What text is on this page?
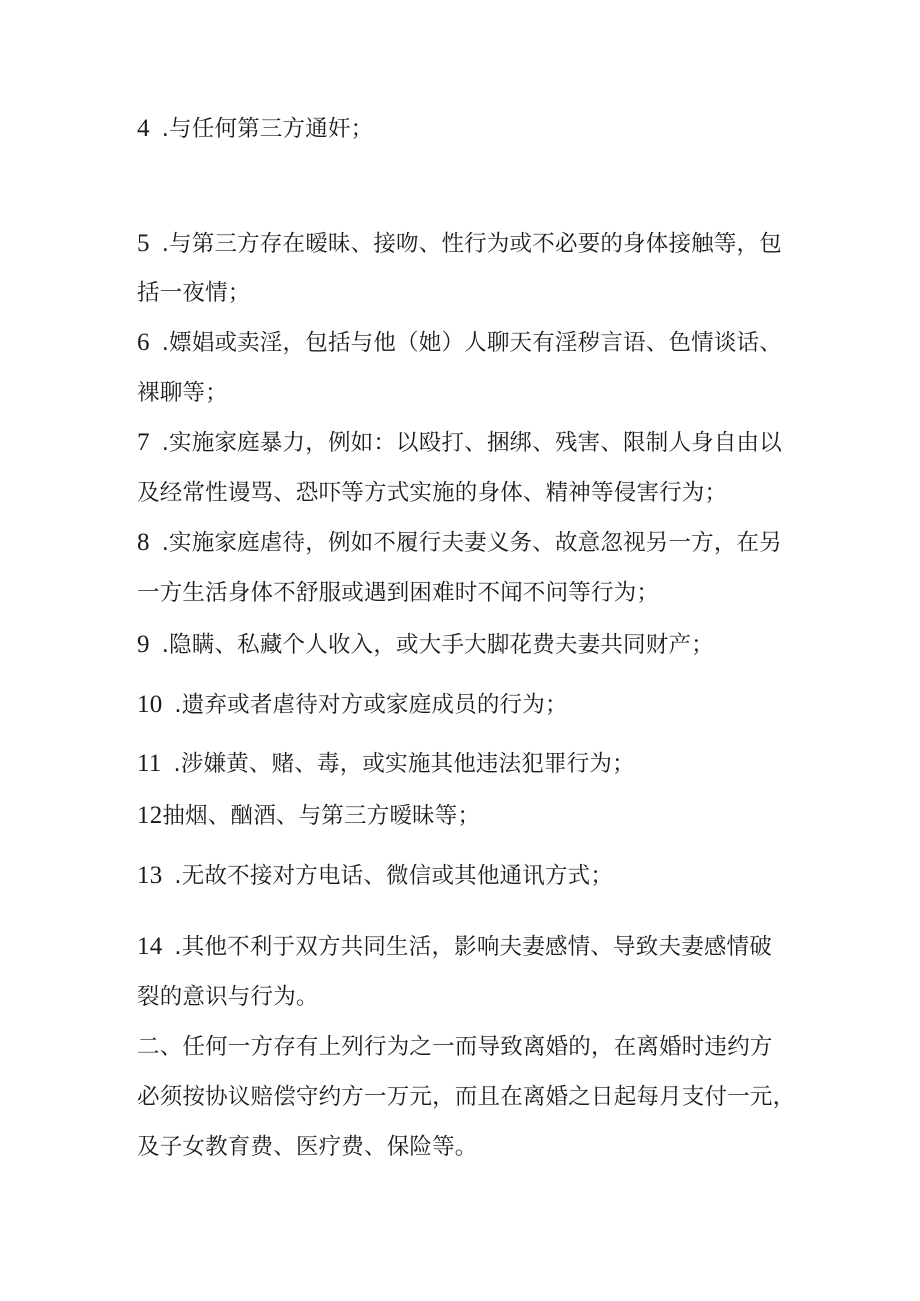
4 .与任何第三方通奸；
5 .与第三方存在暧昧、接吻、性行为或不必要的身体接触等，包
括一夜情；
6 .嫖娼或卖淫，包括与他（她）人聊天有淫秽言语、色情谈话、
裸聊等；
7 .实施家庭暴力，例如：以殴打、捆绑、残害、限制人身自由以
及经常性谩骂、恐吓等方式实施的身体、精神等侵害行为；
8 .实施家庭虐待，例如不履行夫妻义务、故意忽视另一方，在另
一方生活身体不舒服或遇到困难时不闻不问等行为；
9 .隐瞒、私藏个人收入，或大手大脚花费夫妻共同财产；
10 .遗弃或者虐待对方或家庭成员的行为；
11 .涉嫌黄、赌、毒，或实施其他违法犯罪行为；
12抽烟、酗酒、与第三方暧昧等；
13 .无故不接对方电话、微信或其他通讯方式；
14 .其他不利于双方共同生活，影响夫妻感情、导致夫妻感情破
裂的意识与行为。
二、任何一方存有上列行为之一而导致离婚的，在离婚时违约方
必须按协议赔偿守约方一万元，而且在离婚之日起每月支付一元，
及子女教育费、医疗费、保险等。
